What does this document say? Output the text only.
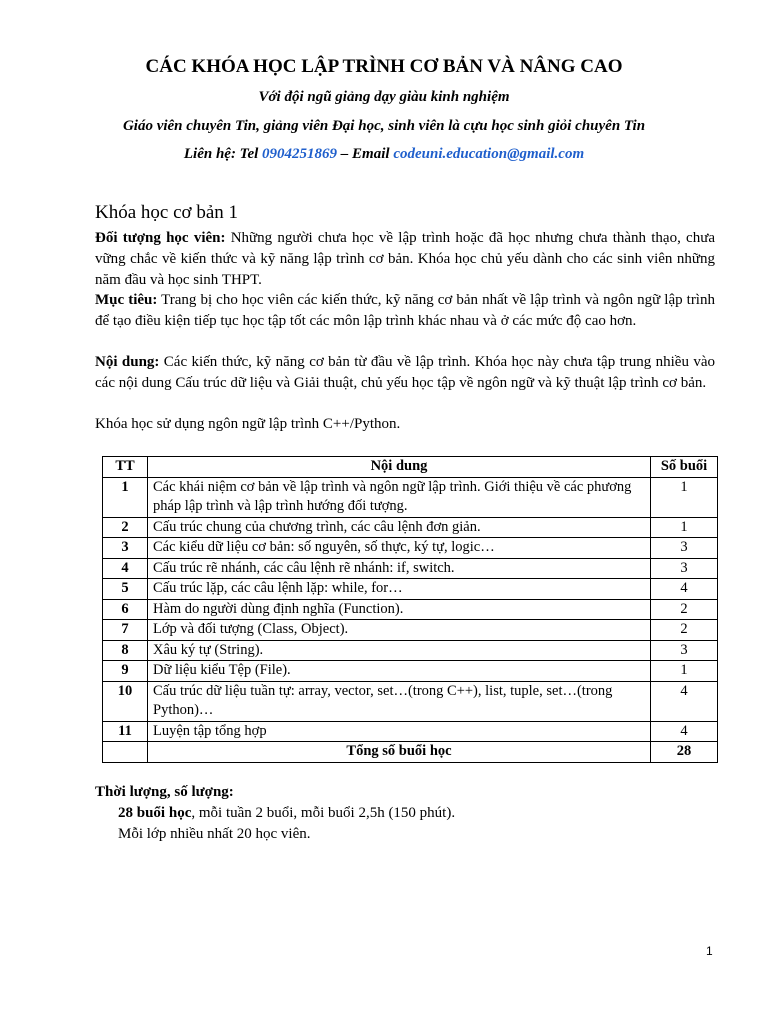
CÁC KHÓA HỌC LẬP TRÌNH CƠ BẢN VÀ NÂNG CAO
Với đội ngũ giảng dạy giàu kinh nghiệm
Giáo viên chuyên Tin, giảng viên Đại học, sinh viên là cựu học sinh giỏi chuyên Tin
Liên hệ: Tel 0904251869 – Email codeuni.education@gmail.com
Khóa học cơ bản 1
Đối tượng học viên: Những người chưa học về lập trình hoặc đã học nhưng chưa thành thạo, chưa vững chắc về kiến thức và kỹ năng lập trình cơ bản. Khóa học chủ yếu dành cho các sinh viên những năm đầu và học sinh THPT.
Mục tiêu: Trang bị cho học viên các kiến thức, kỹ năng cơ bản nhất về lập trình và ngôn ngữ lập trình để tạo điều kiện tiếp tục học tập tốt các môn lập trình khác nhau và ở các mức độ cao hơn.
Nội dung: Các kiến thức, kỹ năng cơ bản từ đầu về lập trình. Khóa học này chưa tập trung nhiều vào các nội dung Cấu trúc dữ liệu và Giải thuật, chủ yếu học tập về ngôn ngữ và kỹ thuật lập trình cơ bản.
Khóa học sử dụng ngôn ngữ lập trình C++/Python.
TT	Nội dung	Số buổi
1	Các khái niệm cơ bản về lập trình và ngôn ngữ lập trình. Giới thiệu về các phương pháp lập trình và lập trình hướng đối tượng.	1
2	Cấu trúc chung của chương trình, các câu lệnh đơn giản.	1
3	Các kiểu dữ liệu cơ bản: số nguyên, số thực, ký tự, logic…	3
4	Cấu trúc rẽ nhánh, các câu lệnh rẽ nhánh: if, switch.	3
5	Cấu trúc lặp, các câu lệnh lặp: while, for…	4
6	Hàm do người dùng định nghĩa (Function).	2
7	Lớp và đối tượng (Class, Object).	2
8	Xâu ký tự (String).	3
9	Dữ liệu kiểu Tệp (File).	1
10	Cấu trúc dữ liệu tuần tự: array, vector, set…(trong C++), list, tuple, set…(trong Python)…	4
11	Luyện tập tổng hợp	4
	Tổng số buổi học	28
Thời lượng, số lượng:
28 buổi học, mỗi tuần 2 buổi, mỗi buổi 2,5h (150 phút).
Mỗi lớp nhiều nhất 20 học viên.
1
